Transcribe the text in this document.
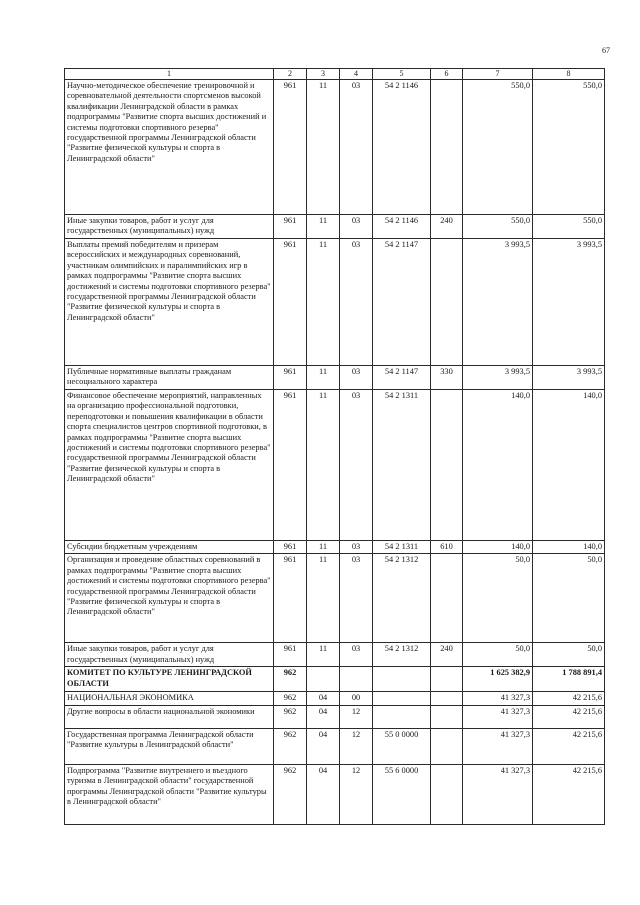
67
1	2	3	4	5	6	7	8
Научно-методическое обеспечение тренировочной и соревновательной деятельности спортсменов высокой квалификации Ленинградской области в рамках подпрограммы "Развитие спорта высших достижений и системы подготовки спортивного резерва" государственной программы Ленинградской области "Развитие физической культуры и спорта в Ленинградской области"	961	11	03	54 2 1146		550,0	550,0
Иные закупки товаров, работ и услуг для государственных (муниципальных) нужд	961	11	03	54 2 1146	240	550,0	550,0
Выплаты премий победителям и призерам всероссийских и международных соревнований, участникам олимпийских и паралимпийских игр в рамках подпрограммы "Развитие спорта высших достижений и системы подготовки спортивного резерва" государственной программы Ленинградской области "Развитие физической культуры и спорта в Ленинградской области"	961	11	03	54 2 1147		3 993,5	3 993,5
Публичные нормативные выплаты гражданам несоциального характера	961	11	03	54 2 1147	330	3 993,5	3 993,5
Финансовое обеспечение мероприятий, направленных на организацию профессиональной подготовки, переподготовки и повышения квалификации в области спорта специалистов центров спортивной подготовки, в рамках подпрограммы "Развитие спорта высших достижений и системы подготовки спортивного резерва" государственной программы Ленинградской области "Развитие физической культуры и спорта в Ленинградской области"	961	11	03	54 2 1311		140,0	140,0
Субсидии бюджетным учреждениям	961	11	03	54 2 1311	610	140,0	140,0
Организация и проведение областных соревнований в рамках подпрограммы "Развитие спорта высших достижений и системы подготовки спортивного резерва" государственной программы Ленинградской области "Развитие физической культуры и спорта в Ленинградской области"	961	11	03	54 2 1312		50,0	50,0
Иные закупки товаров, работ и услуг для государственных (муниципальных) нужд	961	11	03	54 2 1312	240	50,0	50,0
КОМИТЕТ ПО КУЛЬТУРЕ ЛЕНИНГРАДСКОЙ ОБЛАСТИ	962					1 625 382,9	1 788 891,4
НАЦИОНАЛЬНАЯ ЭКОНОМИКА	962	04	00			41 327,3	42 215,6
Другие вопросы в области национальной экономики	962	04	12			41 327,3	42 215,6
Государственная программа Ленинградской области "Развитие культуры в Ленинградской области"	962	04	12	55 0 0000		41 327,3	42 215,6
Подпрограмма "Развитие внутреннего и въездного туризма в Ленинградской области" государственной программы Ленинградской области "Развитие культуры в Ленинградской области"	962	04	12	55 6 0000		41 327,3	42 215,6
